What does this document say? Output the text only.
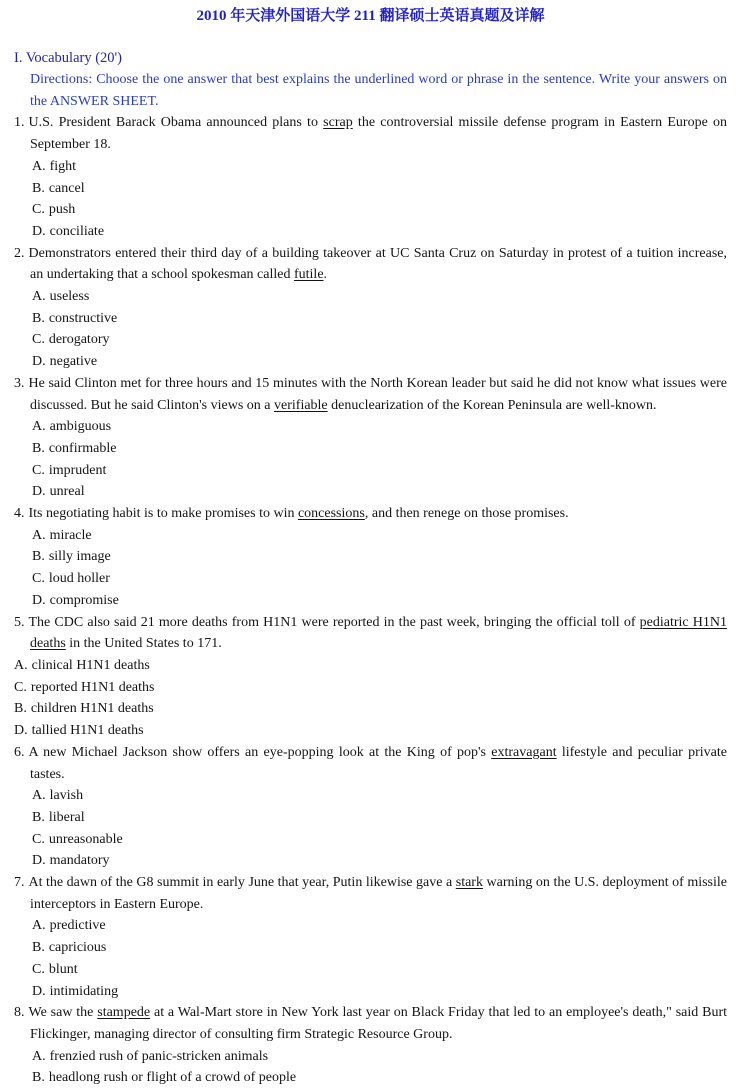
2010 年天津外国语大学 211 翻译硕士英语真题及详解
I. Vocabulary (20')

Directions: Choose the one answer that best explains the underlined word or phrase in the sentence. Write your answers on the ANSWER SHEET.

1. U.S. President Barack Obama announced plans to scrap the controversial missile defense program in Eastern Europe on September 18.

A. fight
B. cancel
C. push
D. conciliate

2. Demonstrators entered their third day of a building takeover at UC Santa Cruz on Saturday in protest of a tuition increase, an undertaking that a school spokesman called futile.

A. useless
B. constructive
C. derogatory
D. negative

3. He said Clinton met for three hours and 15 minutes with the North Korean leader but said he did not know what issues were discussed. But he said Clinton's views on a verifiable denuclearization of the Korean Peninsula are well-known.

A. ambiguous
B. confirmable
C. imprudent
D. unreal

4. Its negotiating habit is to make promises to win concessions, and then renege on those promises.

A. miracle
B. silly image
C. loud holler
D. compromise

5. The CDC also said 21 more deaths from H1N1 were reported in the past week, bringing the official toll of pediatric H1N1 deaths in the United States to 171.

A. clinical H1N1 deaths
C. reported H1N1 deaths
B. children H1N1 deaths
D. tallied H1N1 deaths

6. A new Michael Jackson show offers an eye-popping look at the King of pop's extravagant lifestyle and peculiar private tastes.

A. lavish
B. liberal
C. unreasonable
D. mandatory

7. At the dawn of the G8 summit in early June that year, Putin likewise gave a stark warning on the U.S. deployment of missile interceptors in Eastern Europe.

A. predictive
B. capricious
C. blunt
D. intimidating

8. We saw the stampede at a Wal-Mart store in New York last year on Black Friday that led to an employee's death," said Burt Flickinger, managing director of consulting firm Strategic Resource Group.

A. frenzied rush of panic-stricken animals
B. headlong rush or flight of a crowd of people
